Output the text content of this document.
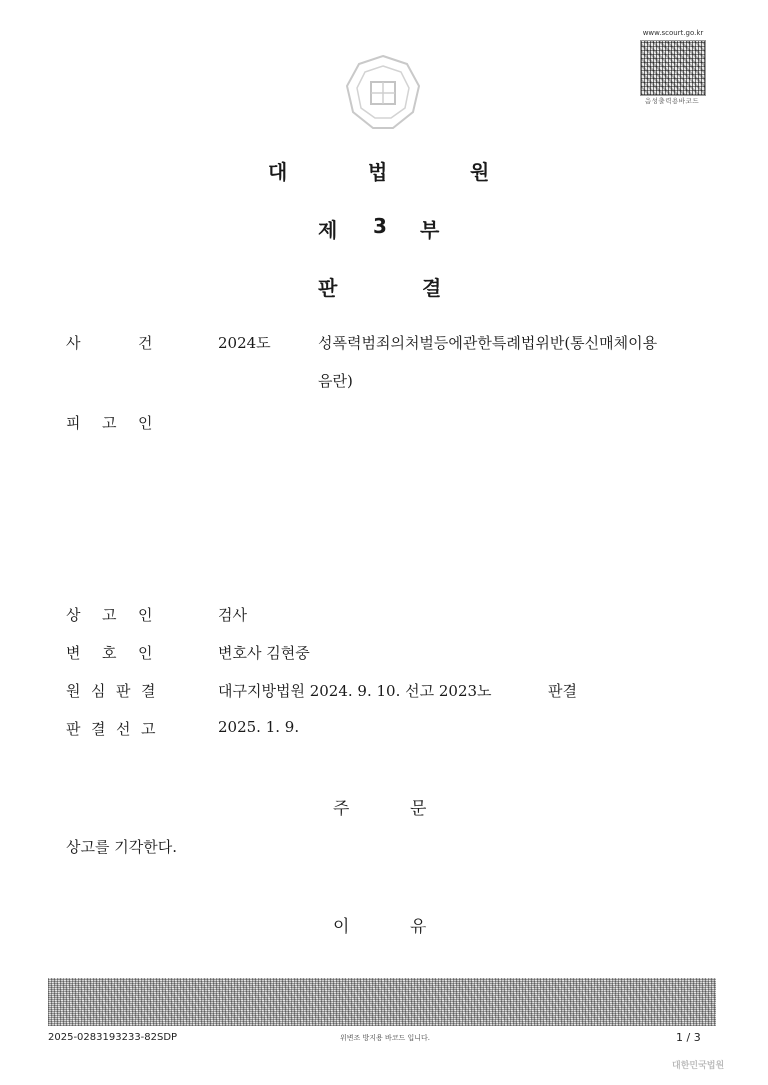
www.scourt.go.kr
음성출력용바코드
대	법	원
제 3 부
판	결
사	건	2024도	성폭력범죄의처벌등에관한특례법위반(통신매체이용
음란)
피 고 인
상 고 인	검사
변 호 인	변호사 김현중
원 심 판 결	대구지방법원 2024. 9. 10. 선고 2023노	판결
판 결 선 고	2025. 1. 9.
주	문
상고를 기각한다.
이	유
2025-0283193233-82SDP	위변조 방지용 바코드 입니다.	1 / 3
대한민국법원
